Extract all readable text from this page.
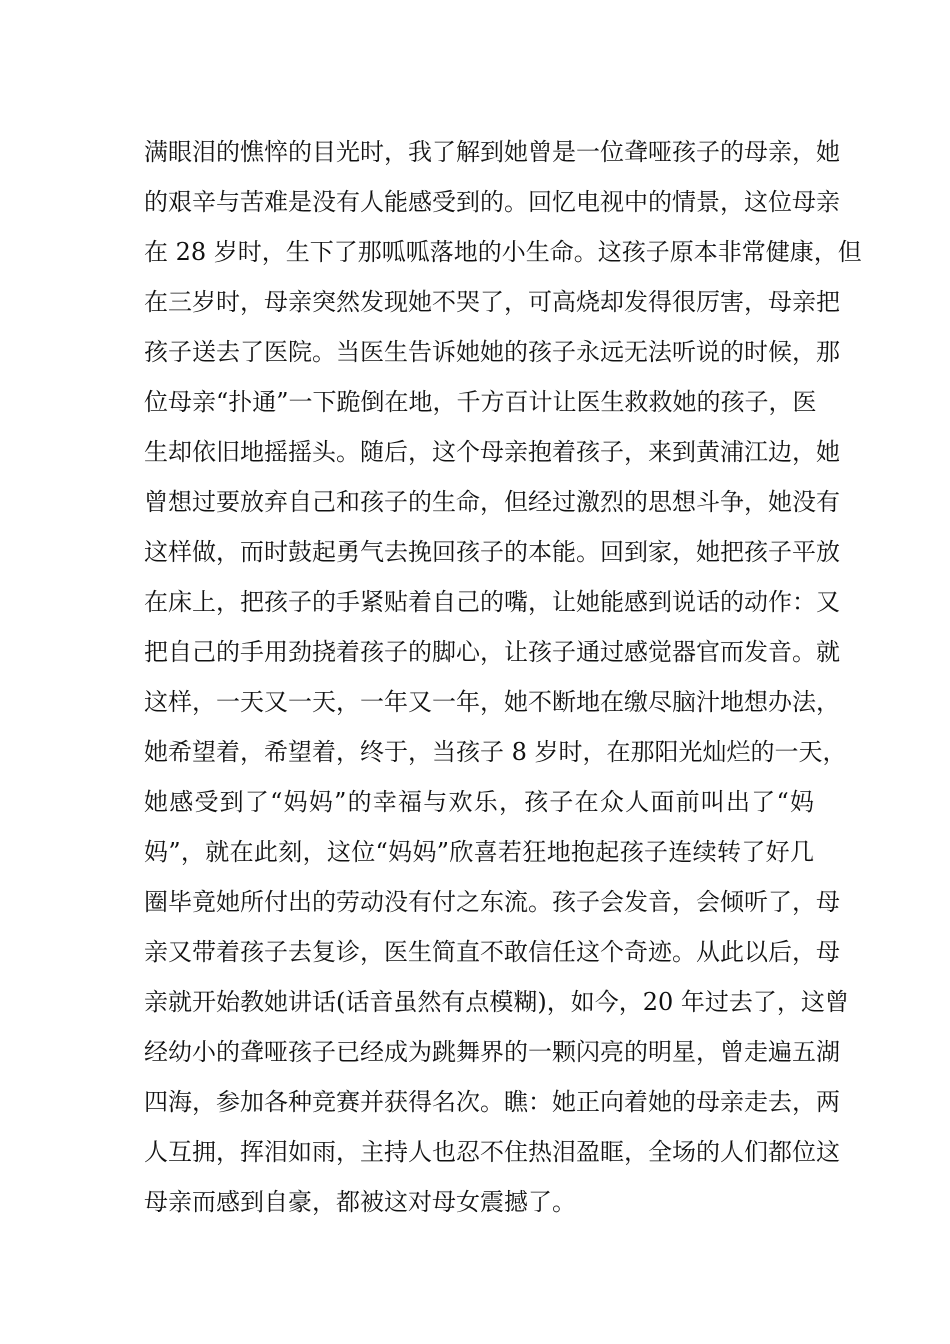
满眼泪的憔悴的目光时，我了解到她曾是一位聋哑孩子的母亲，她
的艰辛与苦难是没有人能感受到的。回忆电视中的情景，这位母亲
在 28 岁时，生下了那呱呱落地的小生命。这孩子原本非常健康，但
在三岁时，母亲突然发现她不哭了，可高烧却发得很厉害，母亲把
孩子送去了医院。当医生告诉她她的孩子永远无法听说的时候，那
位母亲“扑通”一下跪倒在地，千方百计让医生救救她的孩子，医
生却依旧地摇摇头。随后，这个母亲抱着孩子，来到黄浦江边，她
曾想过要放弃自己和孩子的生命，但经过激烈的思想斗争，她没有
这样做，而时鼓起勇气去挽回孩子的本能。回到家，她把孩子平放
在床上，把孩子的手紧贴着自己的嘴，让她能感到说话的动作：又
把自己的手用劲挠着孩子的脚心，让孩子通过感觉器官而发音。就
这样，一天又一天，一年又一年，她不断地在缴尽脑汁地想办法，
她希望着，希望着，终于，当孩子 8 岁时，在那阳光灿烂的一天，
她感受到了“妈妈”的幸福与欢乐，孩子在众人面前叫出了“妈
妈”，就在此刻，这位“妈妈”欣喜若狂地抱起孩子连续转了好几
圈毕竟她所付出的劳动没有付之东流。孩子会发音，会倾听了，母
亲又带着孩子去复诊，医生简直不敢信任这个奇迹。从此以后，母
亲就开始教她讲话(话音虽然有点模糊)，如今，20 年过去了，这曾
经幼小的聋哑孩子已经成为跳舞界的一颗闪亮的明星，曾走遍五湖
四海，参加各种竞赛并获得名次。瞧：她正向着她的母亲走去，两
人互拥，挥泪如雨，主持人也忍不住热泪盈眶，全场的人们都位这
母亲而感到自豪，都被这对母女震撼了。
